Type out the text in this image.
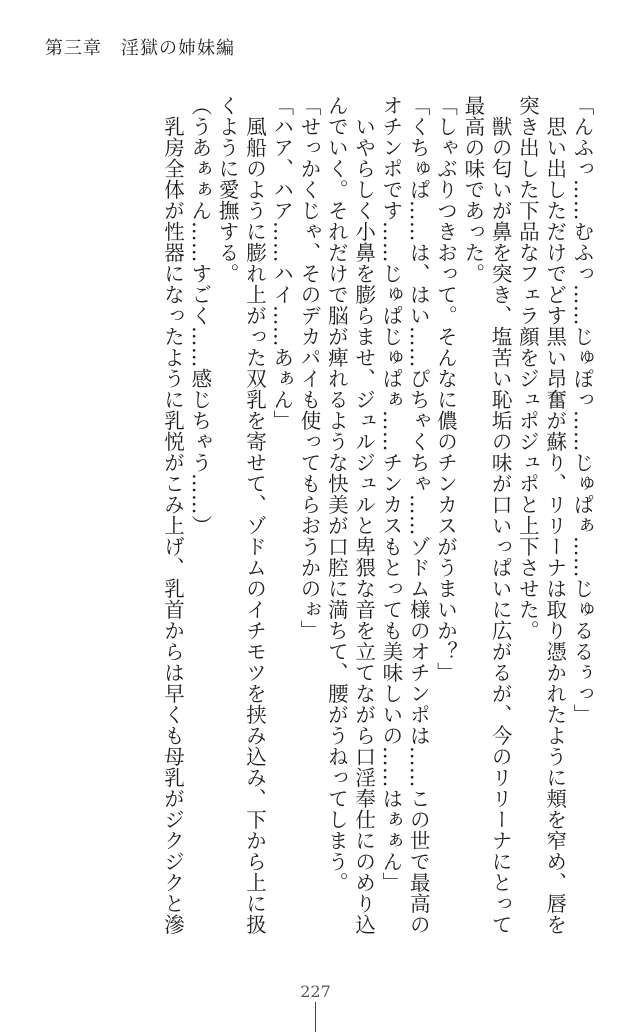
第三章　淫獄の姉妹編

「んふっ……むふっ……じゅぽっ……じゅぱぁ……じゅるるぅっ」

　思い出しただけでどす黒い昂奮が蘇り、リリーナは取り憑かれたように頬を窄め、唇を突き出した下品なフェラ顔をジュポジュポと上下させた。

　獣の匂いが鼻を突き、塩苦い恥垢の味が口いっぱいに広がるが、今のリリーナにとって最高の味であった。

「しゃぶりつきおって。そんなに儂のチンカスがうまいか？」

「くちゅぱ……は、はい……ぴちゃくちゃ……ゾドム様のオチンポは……この世で最高のオチンポです……じゅぱじゅぱぁ……チンカスもとっても美味しいの……はぁぁん」

　いやらしく小鼻を膨らませ、ジュルジュルと卑猥な音を立てながら口淫奉仕にのめり込んでいく。それだけで脳が痺れるような快美が口腔に満ちて、腰がうねってしまう。

「せっかくじゃ、そのデカパイも使ってもらおうかのぉ」

「ハア、ハア……ハイ……あぁん」

　風船のように膨れ上がった双乳を寄せて、ゾドムのイチモツを挟み込み、下から上に扱くように愛撫する。

（うあぁぁん……すごく……感じちゃう……）

　乳房全体が性器になったように乳悦がこみ上げ、乳首からは早くも母乳がジクジクと滲

227
